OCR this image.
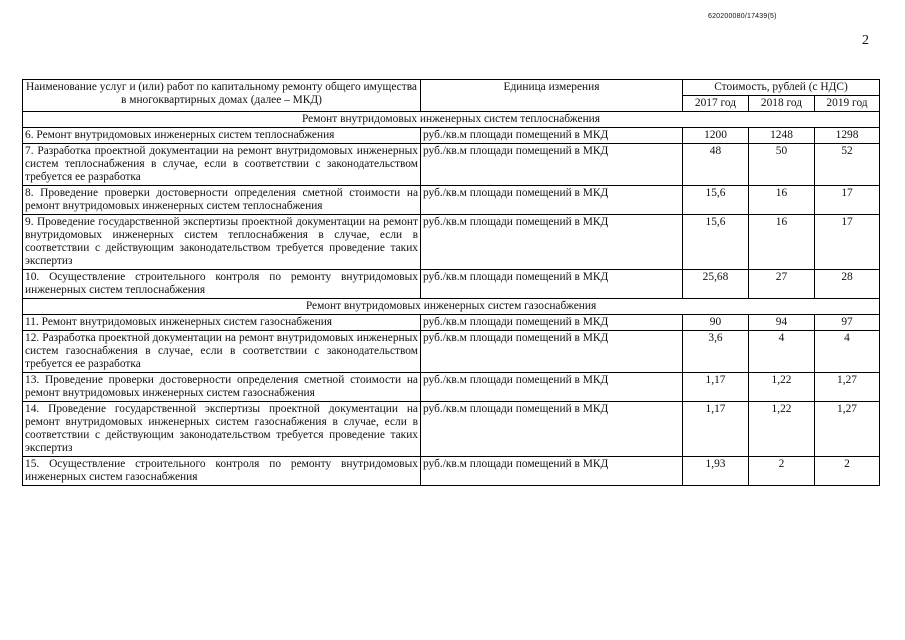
620200080/17439(5)
2
Наименование услуг и (или) работ по капитальному ремонту общего имущества в многоквартирных домах (далее – МКД)	Единица измерения	Стоимость, рублей (с НДС)		
		2017 год	2018 год	2019 год
Ремонт внутридомовых инженерных систем теплоснабжения				
6. Ремонт внутридомовых инженерных систем теплоснабжения	руб./кв.м площади помещений в МКД	1200	1248	1298
7. Разработка проектной документации на ремонт внутридомовых инженерных систем теплоснабжения в случае, если в соответствии с законодательством требуется ее разработка	руб./кв.м площади помещений в МКД	48	50	52
8. Проведение проверки достоверности определения сметной стоимости на ремонт внутридомовых инженерных систем теплоснабжения	руб./кв.м площади помещений в МКД	15,6	16	17
9. Проведение государственной экспертизы проектной документации на ремонт внутридомовых инженерных систем теплоснабжения в случае, если в соответствии с действующим законодательством требуется проведение таких экспертиз	руб./кв.м площади помещений в МКД	15,6	16	17
10. Осуществление строительного контроля по ремонту внутридомовых инженерных систем теплоснабжения	руб./кв.м площади помещений в МКД	25,68	27	28
Ремонт внутридомовых инженерных систем газоснабжения				
11. Ремонт внутридомовых инженерных систем газоснабжения	руб./кв.м площади помещений в МКД	90	94	97
12. Разработка проектной документации на ремонт внутридомовых инженерных систем газоснабжения в случае, если в соответствии с законодательством требуется ее разработка	руб./кв.м площади помещений в МКД	3,6	4	4
13. Проведение проверки достоверности определения сметной стоимости на ремонт внутридомовых инженерных систем газоснабжения	руб./кв.м площади помещений в МКД	1,17	1,22	1,27
14. Проведение государственной экспертизы проектной документации на ремонт внутридомовых инженерных систем газоснабжения в случае, если в соответствии с действующим законодательством требуется проведение таких экспертиз	руб./кв.м площади помещений в МКД	1,17	1,22	1,27
15. Осуществление строительного контроля по ремонту внутридомовых инженерных систем газоснабжения	руб./кв.м площади помещений в МКД	1,93	2	2
